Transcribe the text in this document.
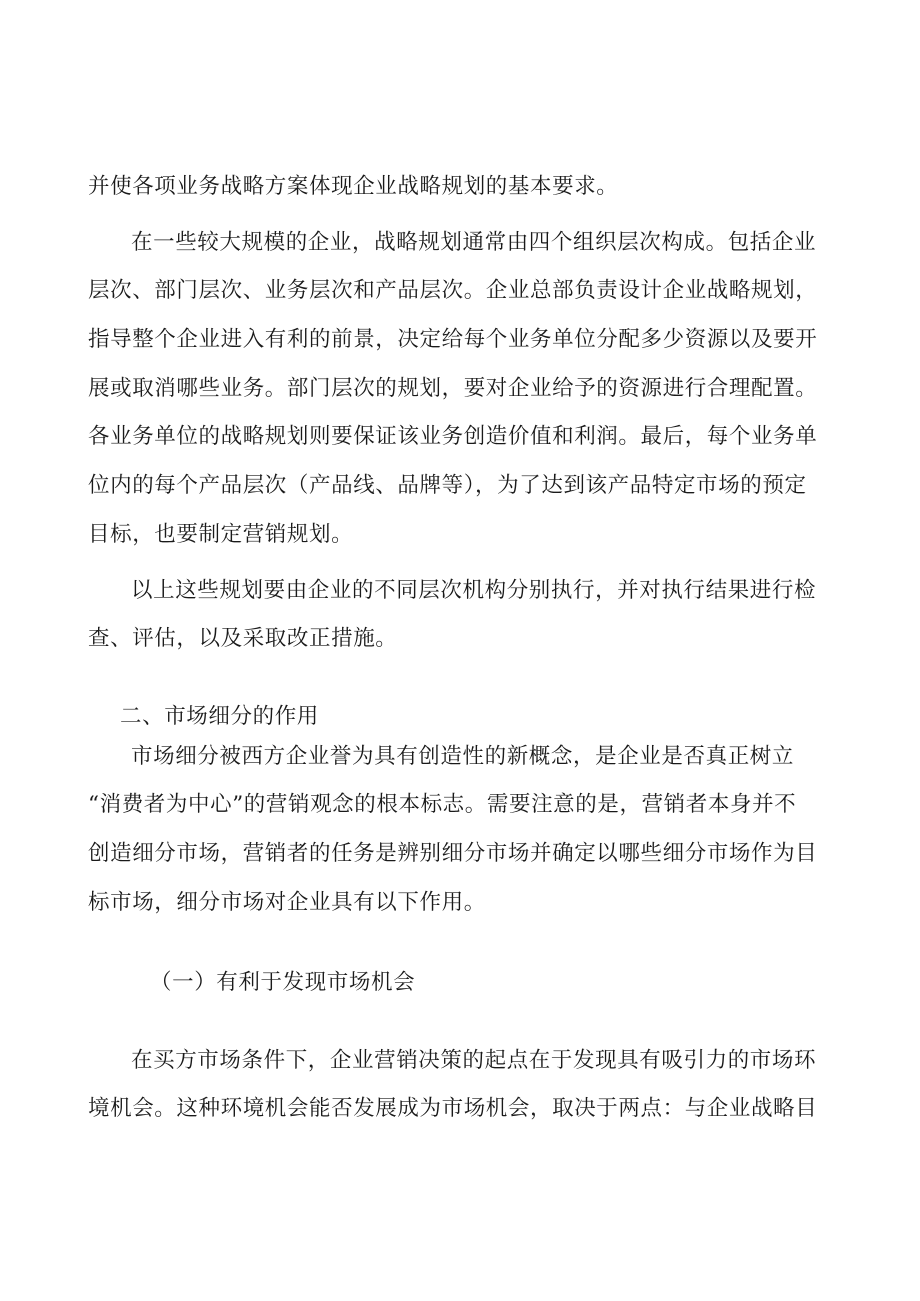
并使各项业务战略方案体现企业战略规划的基本要求。
在一些较大规模的企业，战略规划通常由四个组织层次构成。包括企业
层次、部门层次、业务层次和产品层次。企业总部负责设计企业战略规划，
指导整个企业进入有利的前景，决定给每个业务单位分配多少资源以及要开
展或取消哪些业务。部门层次的规划，要对企业给予的资源进行合理配置。
各业务单位的战略规划则要保证该业务创造价值和利润。最后，每个业务单
位内的每个产品层次（产品线、品牌等），为了达到该产品特定市场的预定
目标，也要制定营销规划。
以上这些规划要由企业的不同层次机构分别执行，并对执行结果进行检
查、评估，以及采取改正措施。
二、市场细分的作用
市场细分被西方企业誉为具有创造性的新概念，是企业是否真正树立
“消费者为中心”的营销观念的根本标志。需要注意的是，营销者本身并不
创造细分市场，营销者的任务是辨别细分市场并确定以哪些细分市场作为目
标市场，细分市场对企业具有以下作用。
（一）有利于发现市场机会
在买方市场条件下，企业营销决策的起点在于发现具有吸引力的市场环
境机会。这种环境机会能否发展成为市场机会，取决于两点：与企业战略目
